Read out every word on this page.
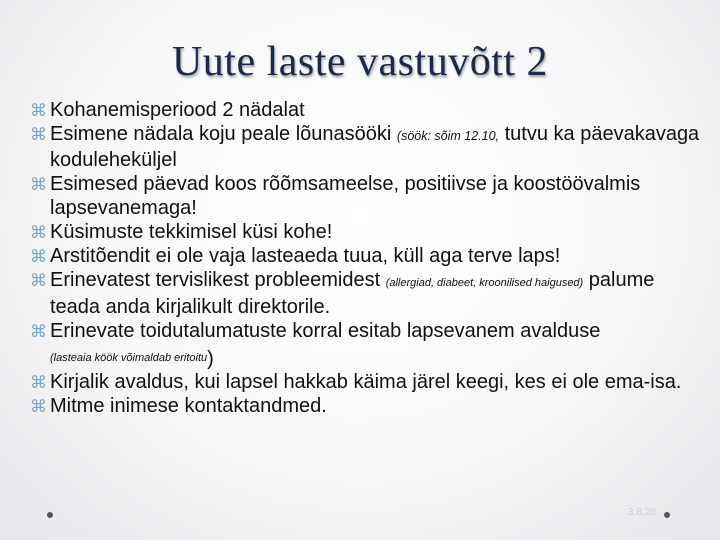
Uute laste vastuvõtt 2
⌘ Kohanemisperiood 2 nädalat
⌘ Esimene nädala koju peale lõunasööki (söök: sõim 12.10, tutvu ka päevakavaga koduleheküljel
⌘ Esimesed päevad koos rõõmsameelse, positiivse ja koostöövalmis lapsevanemaga!
⌘ Küsimuste tekkimisel küsi kohe!
⌘ Arstitõendit ei ole vaja lasteaeda tuua, küll aga terve laps!
⌘ Erinevatest tervislikest probleemidest (allergiad, diabeet, kroonilised haigused) palume teada anda kirjalikult direktorile.
⌘ Erinevate toidutalumatuste korral esitab lapsevanem avalduse
(lasteaia köök võimaldab eritoitu)
⌘ Kirjalik avaldus, kui lapsel hakkab käima järel keegi, kes ei ole ema-isa.
⌘ Mitme inimese kontaktandmed.
3.8.20
